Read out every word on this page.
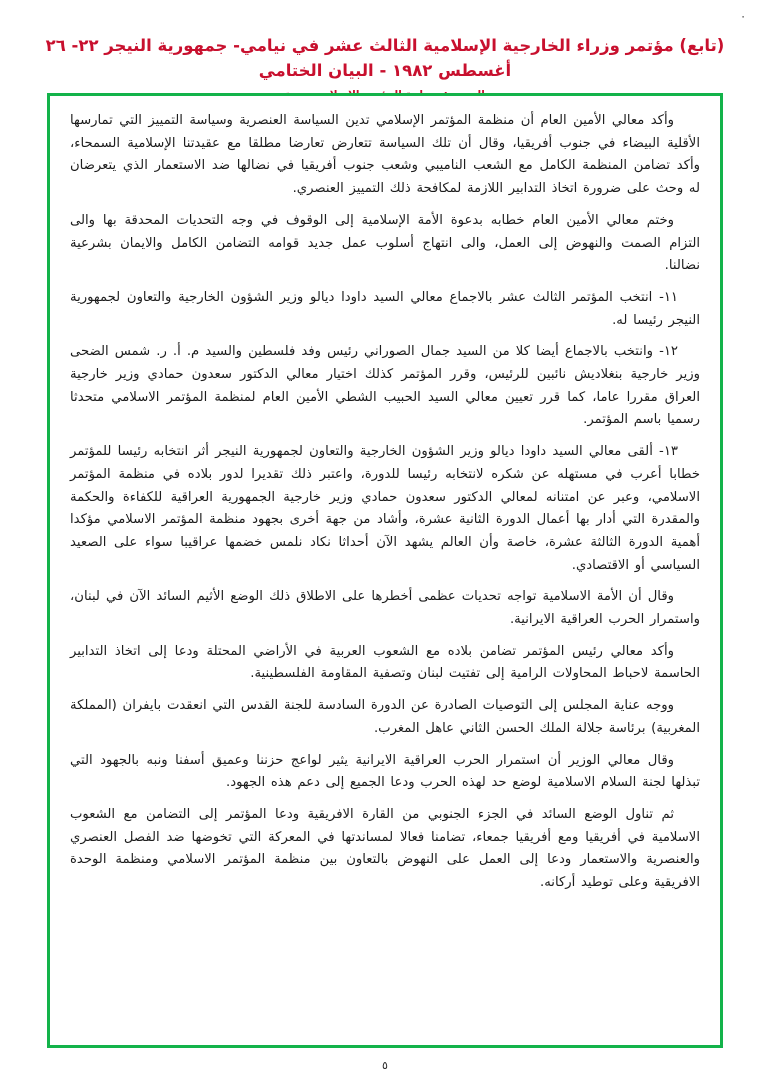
٠
(تابع) مؤتمر وزراء الخارجية الإسلامية الثالث عشر في نيامي- جمهورية النيجر ٢٢- ٢٦ أغسطس ١٩٨٢ - البيان الختامي

وأكد معالي الأمين العام أن منظمة المؤتمر الإسلامي تدين السياسة العنصرية وسياسة التمييز التي تمارسها الأقلية البيضاء في جنوب أفريقيا، وقال أن تلك السياسة تتعارض تعارضا مطلقا مع عقيدتنا الإسلامية السمحاء، وأكد تضامن المنظمة الكامل مع الشعب الناميبي وشعب جنوب أفريقيا في نضالها ضد الاستعمار الذي يتعرضان له وحث على ضرورة اتخاذ التدابير اللازمة لمكافحة ذلك التمييز العنصري.

وختم معالي الأمين العام خطابه بدعوة الأمة الإسلامية إلى الوقوف في وجه التحديات المحدقة بها والى التزام الصمت والنهوض إلى العمل، والى انتهاج أسلوب عمل جديد قوامه التضامن الكامل والايمان بشرعية نضالنا.

١١- انتخب المؤتمر الثالث عشر بالاجماع معالي السيد داودا ديالو وزير الشؤون الخارجية والتعاون لجمهورية النيجر رئيسا له.

١٢- وانتخب بالاجماع أيضا كلا من السيد جمال الصوراني رئيس وفد فلسطين والسيد م. أ. ر. شمس الضحى وزير خارجية بنغلاديش نائبين للرئيس، وقرر المؤتمر كذلك اختيار معالي الدكتور سعدون حمادي وزير خارجية العراق مقررا عاما، كما قرر تعيين معالي السيد الحبيب الشطي الأمين العام لمنظمة المؤتمر الاسلامي متحدثا رسميا باسم المؤتمر.

١٣- ألقى معالي السيد داودا ديالو وزير الشؤون الخارجية والتعاون لجمهورية النيجر أثر انتخابه رئيسا للمؤتمر خطابا أعرب في مستهله عن شكره لانتخابه رئيسا للدورة، واعتبر ذلك تقديرا لدور بلاده في منظمة المؤتمر الاسلامي، وعبر عن امتنانه لمعالي الدكتور سعدون حمادي وزير خارجية الجمهورية العراقية للكفاءة والحكمة والمقدرة التي أدار بها أعمال الدورة الثانية عشرة، وأشاد من جهة أخرى بجهود منظمة المؤتمر الاسلامي مؤكدا أهمية الدورة الثالثة عشرة، خاصة وأن العالم يشهد الآن أحداثا نكاد نلمس خضمها عراقيبا سواء على الصعيد السياسي أو الاقتصادي.

وقال أن الأمة الاسلامية تواجه تحديات عظمى أخطرها على الاطلاق ذلك الوضع الأثيم السائد الآن في لبنان، واستمرار الحرب العراقية الايرانية.

وأكد معالي رئيس المؤتمر تضامن بلاده مع الشعوب العربية في الأراضي المحتلة ودعا إلى اتخاذ التدابير الحاسمة لاحباط المحاولات الرامية إلى تفتيت لبنان وتصفية المقاومة الفلسطينية.

ووجه عناية المجلس إلى التوصيات الصادرة عن الدورة السادسة للجنة القدس التي انعقدت بايفران (المملكة المغربية) برئاسة جلالة الملك الحسن الثاني عاهل المغرب.

وقال معالي الوزير أن استمرار الحرب العراقية الايرانية يثير لواعج حزننا وعميق أسفنا ونبه بالجهود التي تبذلها لجنة السلام الاسلامية لوضع حد لهذه الحرب ودعا الجميع إلى دعم هذه الجهود.

ثم تناول الوضع السائد في الجزء الجنوبي من القارة الافريقية ودعا المؤتمر إلى التضامن مع الشعوب الاسلامية في أفريقيا ومع أفريقيا جمعاء، تضامنا فعالا لمساندتها في المعركة التي تخوضها ضد الفصل العنصري والعنصرية والاستعمار ودعا إلى العمل على النهوض بالتعاون بين منظمة المؤتمر الاسلامي ومنظمة الوحدة الافريقية وعلى توطيد أركانه.

٥
